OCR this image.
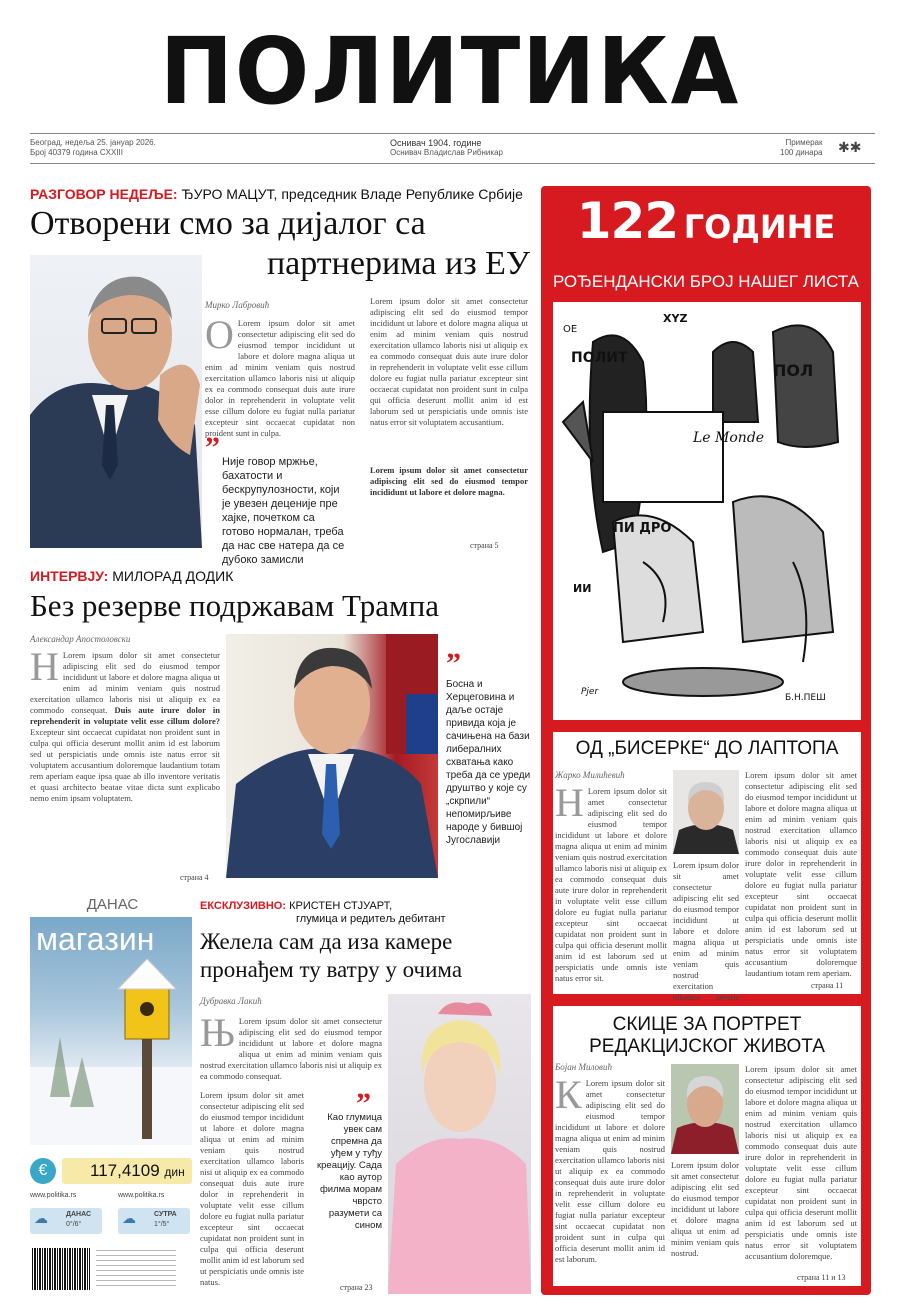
ПОЛИТИКА
Београд, недеља 25. јануар 2026.
Број 40379 година CXXIII
Оснивач 1904. године
Оснивач Владислав Рибникар
Примерак
100 динара ✱✱
РАЗГОВОР НЕДЕЉЕ: ЂУРО МАЦУТ, председник Владе Републике Србије
Отворени смо за дијалог са
партнерима из ЕУ
Мирко Лабровић
О Lorem ipsum dolor sit amet consectetur adipiscing elit sed do eiusmod tempor incididunt ut labore et dolore magna aliqua ut enim ad minim veniam quis nostrud exercitation ullamco laboris nisi ut aliquip ex ea commodo consequat duis aute irure dolor in reprehenderit in voluptate velit esse cillum dolore eu fugiat nulla pariatur excepteur sint occaecat cupidatat non proident sunt in culpa.
Lorem ipsum dolor sit amet consectetur adipiscing elit sed do eiusmod tempor incididunt ut labore et dolore magna aliqua ut enim ad minim veniam quis nostrud exercitation ullamco laboris nisi ut aliquip ex ea commodo consequat duis aute irure dolor in reprehenderit in voluptate velit esse cillum dolore eu fugiat nulla pariatur excepteur sint occaecat cupidatat non proident sunt in culpa qui officia deserunt mollit anim id est laborum sed ut perspiciatis unde omnis iste natus error sit voluptatem accusantium.
Lorem ipsum dolor sit amet consectetur adipiscing elit sed do eiusmod tempor incididunt ut labore et dolore magna.
” Није говор мржње, бахатости и бескрупулозности, који је увезен деценије пре хајке, почетком са готово нормалан, треба да нас све натера да се дубоко замисли
страна 5
ИНТЕРВЈУ: МИЛОРАД ДОДИК
Без резерве подржавам Трампа
Александар Апостоловски
Н Lorem ipsum dolor sit amet consectetur adipiscing elit sed do eiusmod tempor incididunt ut labore et dolore magna aliqua ut enim ad minim veniam quis nostrud exercitation ullamco laboris nisi ut aliquip ex ea commodo consequat. Duis aute irure dolor in reprehenderit in voluptate velit esse cillum dolore? Excepteur sint occaecat cupidatat non proident sunt in culpa qui officia deserunt mollit anim id est laborum sed ut perspiciatis unde omnis iste natus error sit voluptatem accusantium doloremque laudantium totam rem aperiam eaque ipsa quae ab illo inventore veritatis et quasi architecto beatae vitae dicta sunt explicabo nemo enim ipsam voluptatem.
страна 4
”
Босна и Херцеговина и даље остаје привида која је сачињена на бази либералних схватања како треба да се уреди друштво у које су „скрпили“ непомирљиве народе у бившој Југославији
ДАНАС
магазин
€	117,4109 дин
www.politika.rs	www.politika.rs
☁	ДАНАС
0°/6°	☁	СУТРА
1°/5°
ЕКСКЛУЗИВНО: КРИСТЕН СТЈУАРТ,
глумица и редитељ дебитант
Желела сам да иза камере
пронађем ту ватру у очима
Дубравка Лакић
Њ Lorem ipsum dolor sit amet consectetur adipiscing elit sed do eiusmod tempor incididunt ut labore et dolore magna aliqua ut enim ad minim veniam quis nostrud exercitation ullamco laboris nisi ut aliquip ex ea commodo consequat.
Lorem ipsum dolor sit amet consectetur adipiscing elit sed do eiusmod tempor incididunt ut labore et dolore magna aliqua ut enim ad minim veniam quis nostrud exercitation ullamco laboris nisi ut aliquip ex ea commodo consequat duis aute irure dolor in reprehenderit in voluptate velit esse cillum dolore eu fugiat nulla pariatur excepteur sint occaecat cupidatat non proident sunt in culpa qui officia deserunt mollit anim id est laborum sed ut perspiciatis unde omnis iste natus.
”
Као глумица увек сам спремна да уђем у туђу креацију. Сада као аутор филма морам чврсто разумети са сином
страна 23
122 ГОДИНЕ
РОЂЕНДАНСКИ БРОЈ НАШЕГ ЛИСТА
XYZ
ПОЛ
ПОЛИТ
Le Monde
ПИ ДРО
ИИ
ОЕ
Pjer
Б.Н.ПЕШ
ОД „БИСЕРКЕ“ ДО ЛАПТОПА
Жарко Милићевић
Н Lorem ipsum dolor sit amet consectetur adipiscing elit sed do eiusmod tempor incididunt ut labore et dolore magna aliqua ut enim ad minim veniam quis nostrud exercitation ullamco laboris nisi ut aliquip ex ea commodo consequat duis aute irure dolor in reprehenderit in voluptate velit esse cillum dolore eu fugiat nulla pariatur excepteur sint occaecat cupidatat non proident sunt in culpa qui officia deserunt mollit anim id est laborum sed ut perspiciatis unde omnis iste natus error sit.
Lorem ipsum dolor sit amet consectetur adipiscing elit sed do eiusmod tempor incididunt ut labore et dolore magna aliqua ut enim ad minim veniam quis nostrud exercitation ullamco laboris
Lorem ipsum dolor sit amet consectetur adipiscing elit sed do eiusmod tempor incididunt ut labore et dolore magna aliqua ut enim ad minim veniam quis nostrud exercitation ullamco laboris nisi ut aliquip ex ea commodo consequat duis aute irure dolor in reprehenderit in voluptate velit esse cillum dolore eu fugiat nulla pariatur excepteur sint occaecat cupidatat non proident sunt in culpa qui officia deserunt mollit anim id est laborum sed ut perspiciatis unde omnis iste natus error sit voluptatem accusantium doloremque laudantium totam rem aperiam.
страна 11
СКИЦЕ ЗА ПОРТРЕТ
РЕДАКЦИЈСКОГ ЖИВОТА
Бојан Миловић
К Lorem ipsum dolor sit amet consectetur adipiscing elit sed do eiusmod tempor incididunt ut labore et dolore magna aliqua ut enim ad minim veniam quis nostrud exercitation ullamco laboris nisi ut aliquip ex ea commodo consequat duis aute irure dolor in reprehenderit in voluptate velit esse cillum dolore eu fugiat nulla pariatur excepteur sint occaecat cupidatat non proident sunt in culpa qui officia deserunt mollit anim id est laborum.
Lorem ipsum dolor sit amet consectetur adipiscing elit sed do eiusmod tempor incididunt ut labore et dolore magna aliqua ut enim ad minim veniam quis nostrud.
Lorem ipsum dolor sit amet consectetur adipiscing elit sed do eiusmod tempor incididunt ut labore et dolore magna aliqua ut enim ad minim veniam quis nostrud exercitation ullamco laboris nisi ut aliquip ex ea commodo consequat duis aute irure dolor in reprehenderit in voluptate velit esse cillum dolore eu fugiat nulla pariatur excepteur sint occaecat cupidatat non proident sunt in culpa qui officia deserunt mollit anim id est laborum sed ut perspiciatis unde omnis iste natus error sit voluptatem accusantium doloremque.
страна 11 и 13
